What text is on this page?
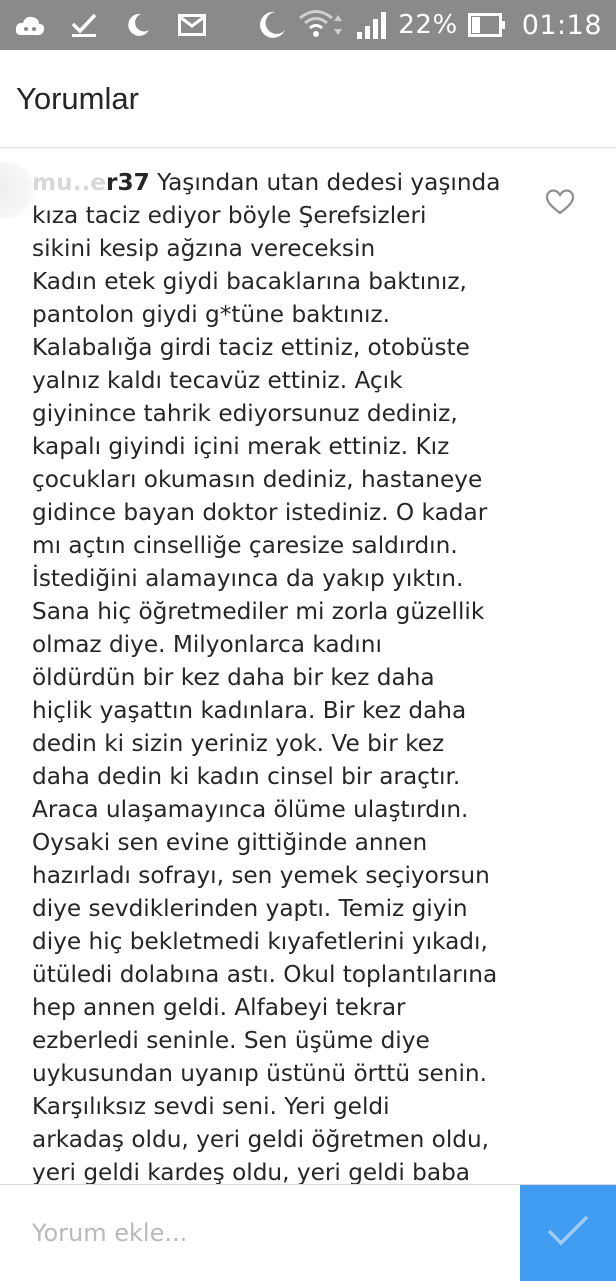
22% 01:18
Yorumlar
mu..er37 Yaşından utan dedesi yaşında
kıza taciz ediyor böyle Şerefsizleri
sikini kesip ağzına vereceksin
Kadın etek giydi bacaklarına baktınız,
pantolon giydi g*tüne baktınız.
Kalabalığa girdi taciz ettiniz, otobüste
yalnız kaldı tecavüz ettiniz. Açık
giyinince tahrik ediyorsunuz dediniz,
kapalı giyindi içini merak ettiniz. Kız
çocukları okumasın dediniz, hastaneye
gidince bayan doktor istediniz. O kadar
mı açtın cinselliğe çaresize saldırdın.
İstediğini alamayınca da yakıp yıktın.
Sana hiç öğretmediler mi zorla güzellik
olmaz diye. Milyonlarca kadını
öldürdün bir kez daha bir kez daha
hiçlik yaşattın kadınlara. Bir kez daha
dedin ki sizin yeriniz yok. Ve bir kez
daha dedin ki kadın cinsel bir araçtır.
Araca ulaşamayınca ölüme ulaştırdın.
Oysaki sen evine gittiğinde annen
hazırladı sofrayı, sen yemek seçiyorsun
diye sevdiklerinden yaptı. Temiz giyin
diye hiç bekletmedi kıyafetlerini yıkadı,
ütüledi dolabına astı. Okul toplantılarına
hep annen geldi. Alfabeyi tekrar
ezberledi seninle. Sen üşüme diye
uykusundan uyanıp üstünü örttü senin.
Karşılıksız sevdi seni. Yeri geldi
arkadaş oldu, yeri geldi öğretmen oldu,
yeri geldi kardeş oldu, yeri geldi baba
Yorum ekle...
